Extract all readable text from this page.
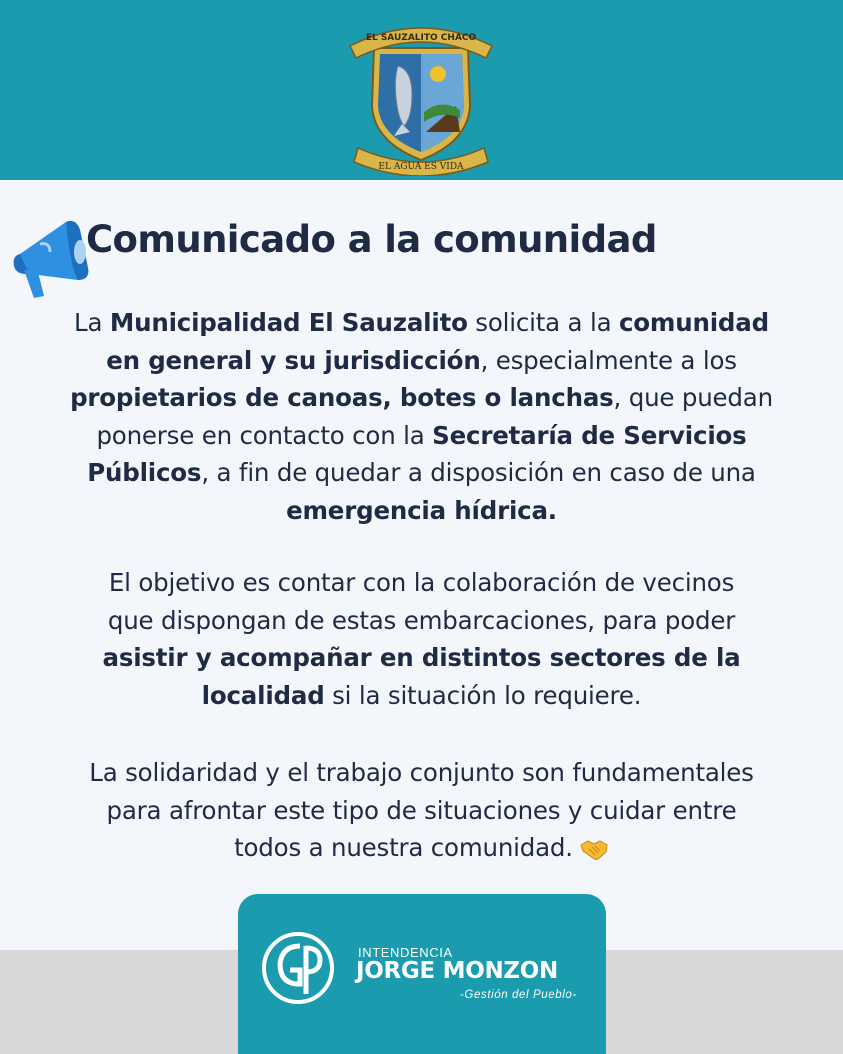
EL SAUZALITO CHACO
EL AGUA ES VIDA
Comunicado a la comunidad
La Municipalidad El Sauzalito solicita a la comunidad
en general y su jurisdicción, especialmente a los
propietarios de canoas, botes o lanchas, que puedan
ponerse en contacto con la Secretaría de Servicios
Públicos, a fin de quedar a disposición en caso de una
emergencia hídrica.
El objetivo es contar con la colaboración de vecinos
que dispongan de estas embarcaciones, para poder
asistir y acompañar en distintos sectores de la
localidad si la situación lo requiere.
La solidaridad y el trabajo conjunto son fundamentales
para afrontar este tipo de situaciones y cuidar entre
todos a nuestra comunidad.
INTENDENCIA
JORGE MONZON
-Gestión del Pueblo-
